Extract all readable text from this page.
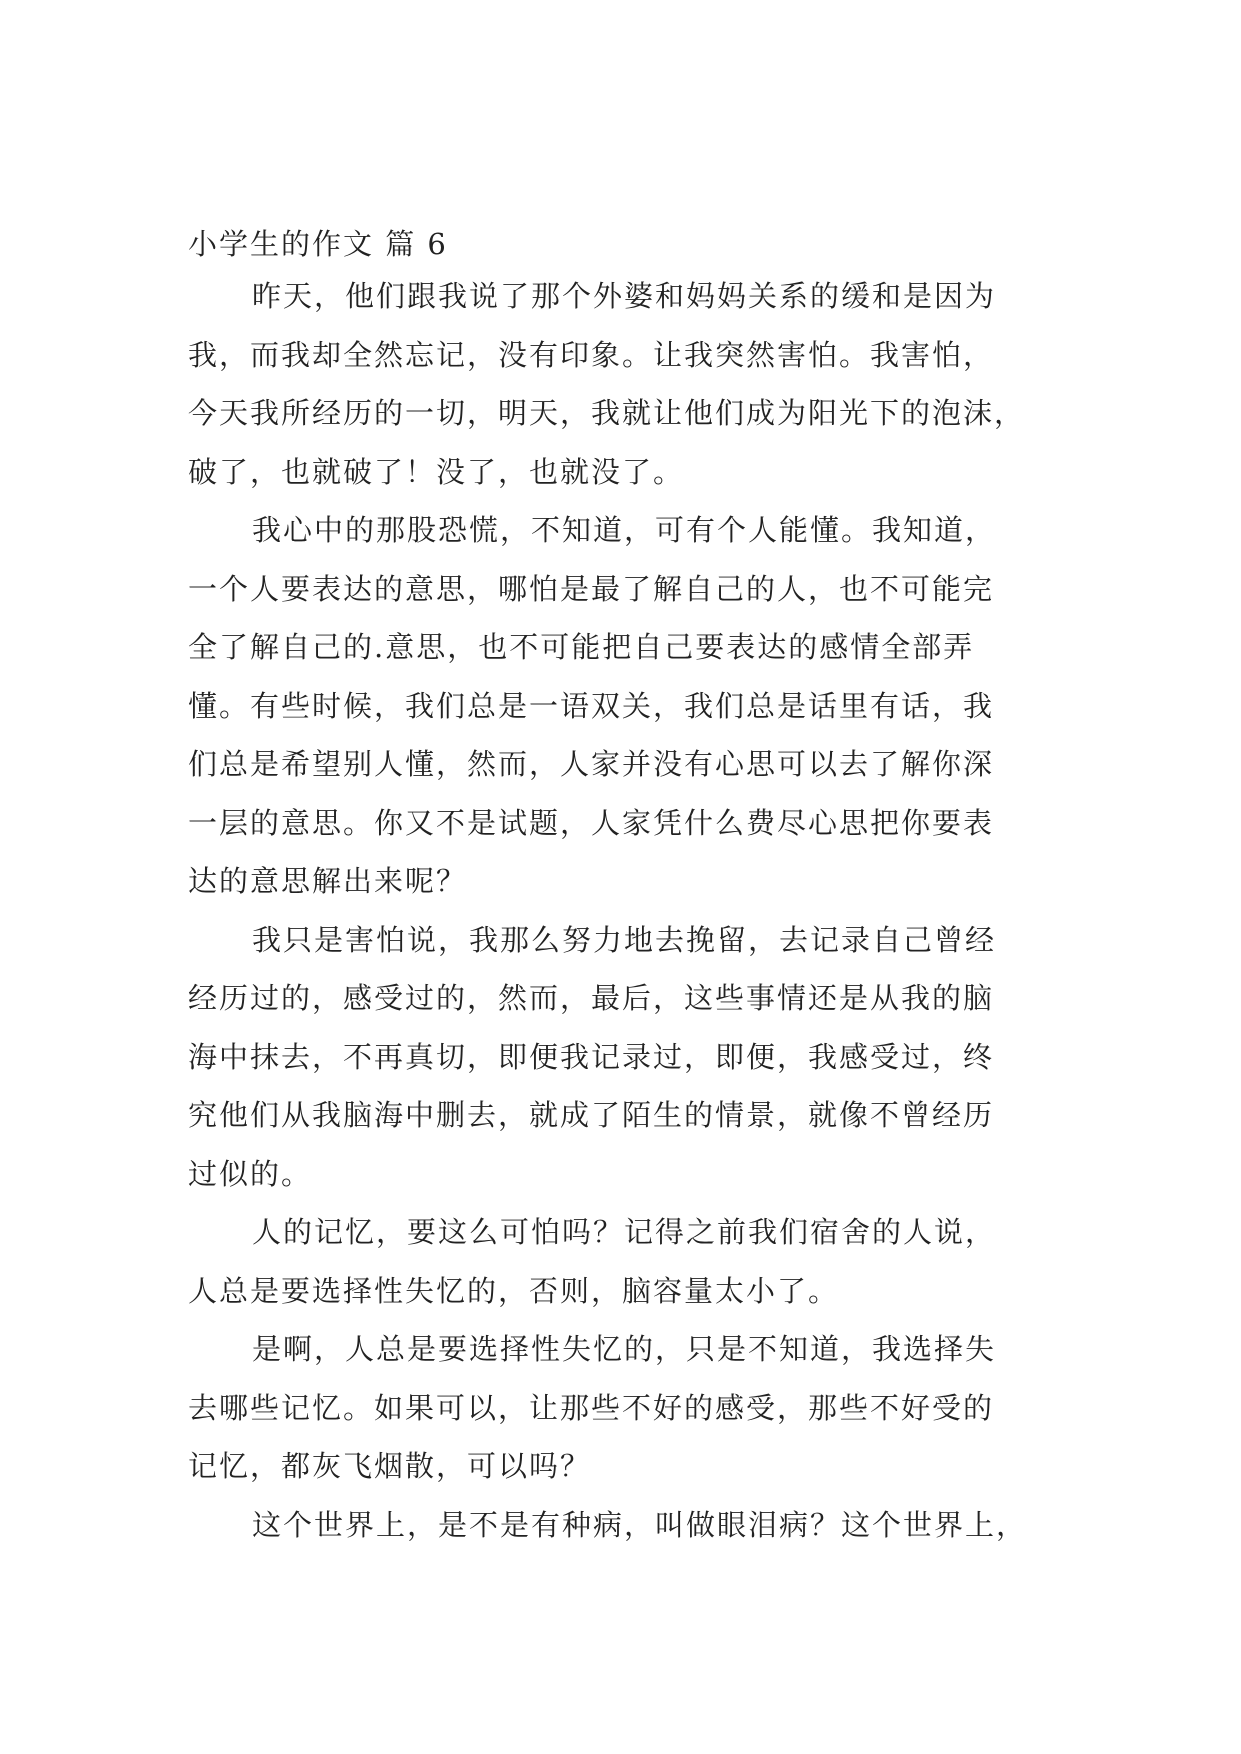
小学生的作文 篇 6
昨天，他们跟我说了那个外婆和妈妈关系的缓和是因为
我，而我却全然忘记，没有印象。让我突然害怕。我害怕，
今天我所经历的一切，明天，我就让他们成为阳光下的泡沫，
破了，也就破了！没了，也就没了。
我心中的那股恐慌，不知道，可有个人能懂。我知道，
一个人要表达的意思，哪怕是最了解自己的人，也不可能完
全了解自己的.意思，也不可能把自己要表达的感情全部弄
懂。有些时候，我们总是一语双关，我们总是话里有话，我
们总是希望别人懂，然而，人家并没有心思可以去了解你深
一层的意思。你又不是试题，人家凭什么费尽心思把你要表
达的意思解出来呢？
我只是害怕说，我那么努力地去挽留，去记录自己曾经
经历过的，感受过的，然而，最后，这些事情还是从我的脑
海中抹去，不再真切，即便我记录过，即便，我感受过，终
究他们从我脑海中删去，就成了陌生的情景，就像不曾经历
过似的。
人的记忆，要这么可怕吗？记得之前我们宿舍的人说，
人总是要选择性失忆的，否则，脑容量太小了。
是啊，人总是要选择性失忆的，只是不知道，我选择失
去哪些记忆。如果可以，让那些不好的感受，那些不好受的
记忆，都灰飞烟散，可以吗？
这个世界上，是不是有种病，叫做眼泪病？这个世界上，
